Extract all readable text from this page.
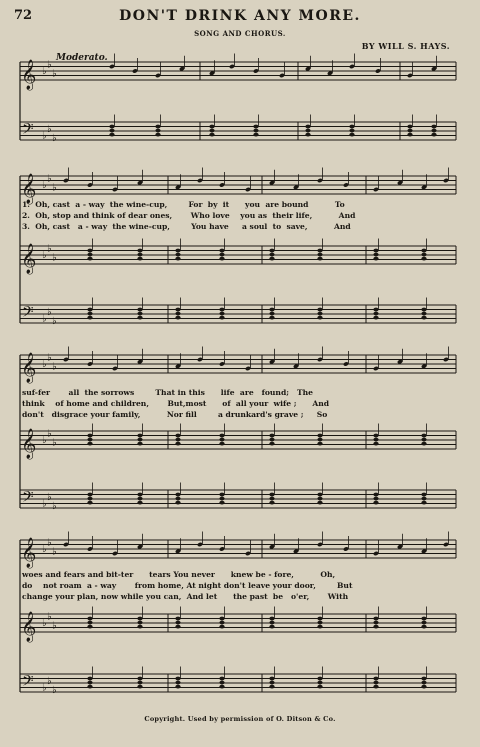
72	DON'T DRINK ANY MORE.
SONG AND CHORUS.
BY WILL S. HAYS.
Moderato.
𝄞 ♭
♭
♭
𝄢 ♭
♭
♭
𝄞 ♭
♭
♭
𝄞 ♭
♭
♭
𝄢 ♭
♭
♭
𝄞 ♭
♭
♭
𝄞 ♭
♭
♭
𝄢 ♭
♭
♭
𝄞 ♭
♭
♭
𝄞 ♭
♭
♭
𝄢 ♭
♭
♭
1.  Oh, cast  a - way  the wine-cup,        For  by  it      you  are bound          To
2.  Oh, stop and think of dear ones,       Who love    you as  their life,          And
3.  Oh, cast   a - way  the wine-cup,        You have     a soul  to  save,          And
suf-fer       all  the sorrows        That in this      life  are   found;   The
think    of home and children,       But,most      of  all your  wife ;      And
don't   disgrace your family,          Nor fill        a drunkard's grave ;     So
woes and fears and bit-ter      tears You never      knew be - fore,          Oh,
do    not roam  a - way       from home, At night don't leave your door,        But
change your plan, now while you can,  And let      the past  be   o'er,       With
Copyright. Used by permission of O. Ditson & Co.
